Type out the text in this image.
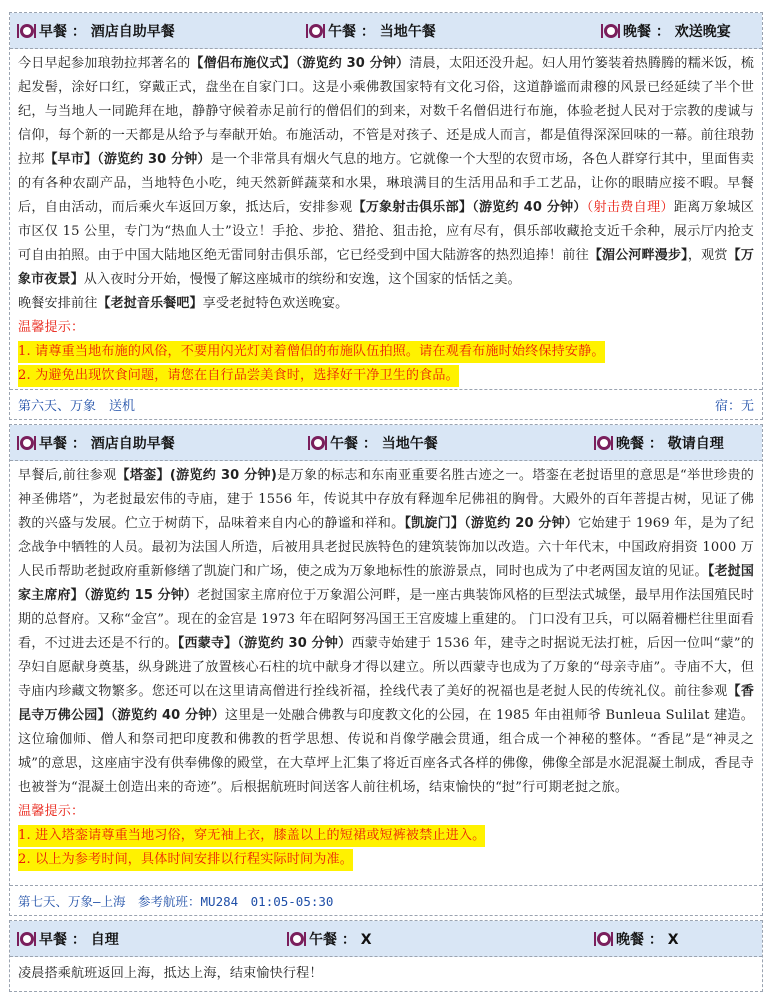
早餐 ： 酒店自助早餐	午餐 ： 当地午餐	晚餐 ： 欢送晚宴
今日早起参加琅勃拉邦著名的【僧侣布施仪式】（游览约 30 分钟）清晨，太阳还没升起。妇人用竹篓装着热腾腾的糯米饭，梳起发髻，涂好口红，穿戴正式，盘坐在自家门口。这是小乘佛教国家特有文化习俗，这道静谧而肃穆的风景已经延续了半个世纪，与当地人一同跪拜在地，静静守候着赤足前行的僧侣们的到来，对数千名僧侣进行布施，体验老挝人民对于宗教的虔诚与信仰，每个新的一天都是从给予与奉献开始。布施活动，不管是对孩子、还是成人而言，都是值得深深回味的一幕。前往琅勃拉邦【早市】（游览约 30 分钟）是一个非常具有烟火气息的地方。它就像一个大型的农贸市场，各色人群穿行其中，里面售卖的有各种农副产品，当地特色小吃，纯天然新鲜蔬菜和水果，琳琅满目的生活用品和手工艺品，让你的眼睛应接不暇。早餐后，自由活动，而后乘火车返回万象，抵达后，安排参观【万象射击俱乐部】（游览约 40 分钟）（射击费自理）距离万象城区市区仅 15 公里，专门为“热血人士”设立！手抢、步抢、猎抢、狙击抢，应有尽有，俱乐部收藏抢支近千余种，展示厅内抢支可自由拍照。由于中国大陆地区绝无雷同射击俱乐部，它已经受到中国大陆游客的热烈追捧！前往【湄公河畔漫步】，观赏【万象市夜景】从入夜时分开始，慢慢了解这座城市的缤纷和安逸，这个国家的恬恬之美。
晚餐安排前往【老挝音乐餐吧】享受老挝特色欢送晚宴。
温馨提示：
1. 请尊重当地布施的风俗，不要用闪光灯对着僧侣的布施队伍拍照。请在观看布施时始终保持安静。
2. 为避免出现饮食问题，请您在自行品尝美食时，选择好干净卫生的食品。
第六天、万象　送机	宿：无
早餐 ： 酒店自助早餐	午餐 ： 当地午餐	晚餐 ： 敬请自理
早餐后,前往参观【塔銮】(游览约 30 分钟)是万象的标志和东南亚重要名胜古迹之一。塔銮在老挝语里的意思是“举世珍贵的神圣佛塔”，为老挝最宏伟的寺庙，建于 1556 年，传说其中存放有释迦牟尼佛祖的胸骨。大殿外的百年菩提古树，见证了佛教的兴盛与发展。伫立于树荫下，品味着来自内心的静谧和祥和。【凯旋门】（游览约 20 分钟）它始建于 1969 年，是为了纪念战争中牺牲的人员。最初为法国人所造，后被用具老挝民族特色的建筑装饰加以改造。六十年代末，中国政府捐资 1000 万人民币帮助老挝政府重新修缮了凯旋门和广场，使之成为万象地标性的旅游景点，同时也成为了中老两国友谊的见证。【老挝国家主席府】（游览约 15 分钟）老挝国家主席府位于万象湄公河畔，是一座古典装饰风格的巨型法式城堡，最早用作法国殖民时期的总督府。又称“金宫”。现在的金宫是 1973 年在昭阿努冯国王王宫废墟上重建的。 门口没有卫兵，可以隔着栅栏往里面看看，不过进去还是不行的。【西蒙寺】（游览约 30 分钟）西蒙寺始建于 1536 年，建寺之时据说无法打桩，后因一位叫“蒙”的孕妇自愿献身奠基，纵身跳进了放置核心石柱的坑中献身才得以建立。所以西蒙寺也成为了万象的“母亲寺庙”。寺庙不大，但寺庙内珍藏文物繁多。您还可以在这里请高僧进行拴线祈福，拴线代表了美好的祝福也是老挝人民的传统礼仪。前往参观【香昆寺万佛公园】（游览约 40 分钟）这里是一处融合佛教与印度教文化的公园，在 1985 年由祖师爷 Bunleua Sulilat 建造。这位瑜伽师、僧人和祭司把印度教和佛教的哲学思想、传说和肖像学融会贯通，组合成一个神秘的整体。“香昆”是“神灵之城”的意思，这座庙宇没有供奉佛像的殿堂，在大草坪上汇集了将近百座各式各样的佛像，佛像全部是水泥混凝土制成，香昆寺也被誉为“混凝土创造出来的奇迹”。后根据航班时间送客人前往机场，结束愉快的“挝”行可期老挝之旅。
温馨提示：
1. 进入塔銮请尊重当地习俗，穿无袖上衣，膝盖以上的短裙或短裤被禁止进入。
2. 以上为参考时间，具体时间安排以行程实际时间为准。
第七天、万象—上海　参考航班：MU284　01:05-05:30
早餐 ： 自理	午餐 ： X	晚餐 ： X
凌晨搭乘航班返回上海，抵达上海，结束愉快行程！
